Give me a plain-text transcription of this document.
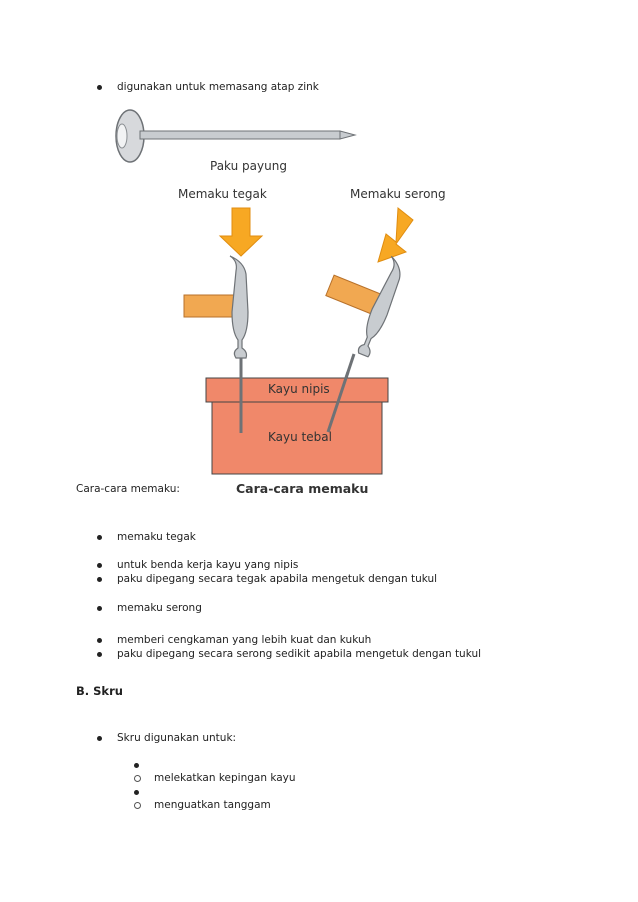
digunakan untuk memasang atap zink
Paku payung
Memaku tegak	Memaku serong
Kayu nipis
Kayu tebal
Cara-cara memaku
Cara-cara memaku:
memaku tegak
untuk benda kerja kayu yang nipis
paku dipegang secara tegak apabila mengetuk dengan tukul
memaku serong
memberi cengkaman yang lebih kuat dan kukuh
paku dipegang secara serong sedikit apabila mengetuk dengan tukul
B. Skru
Skru digunakan untuk:
melekatkan kepingan kayu
menguatkan tanggam
